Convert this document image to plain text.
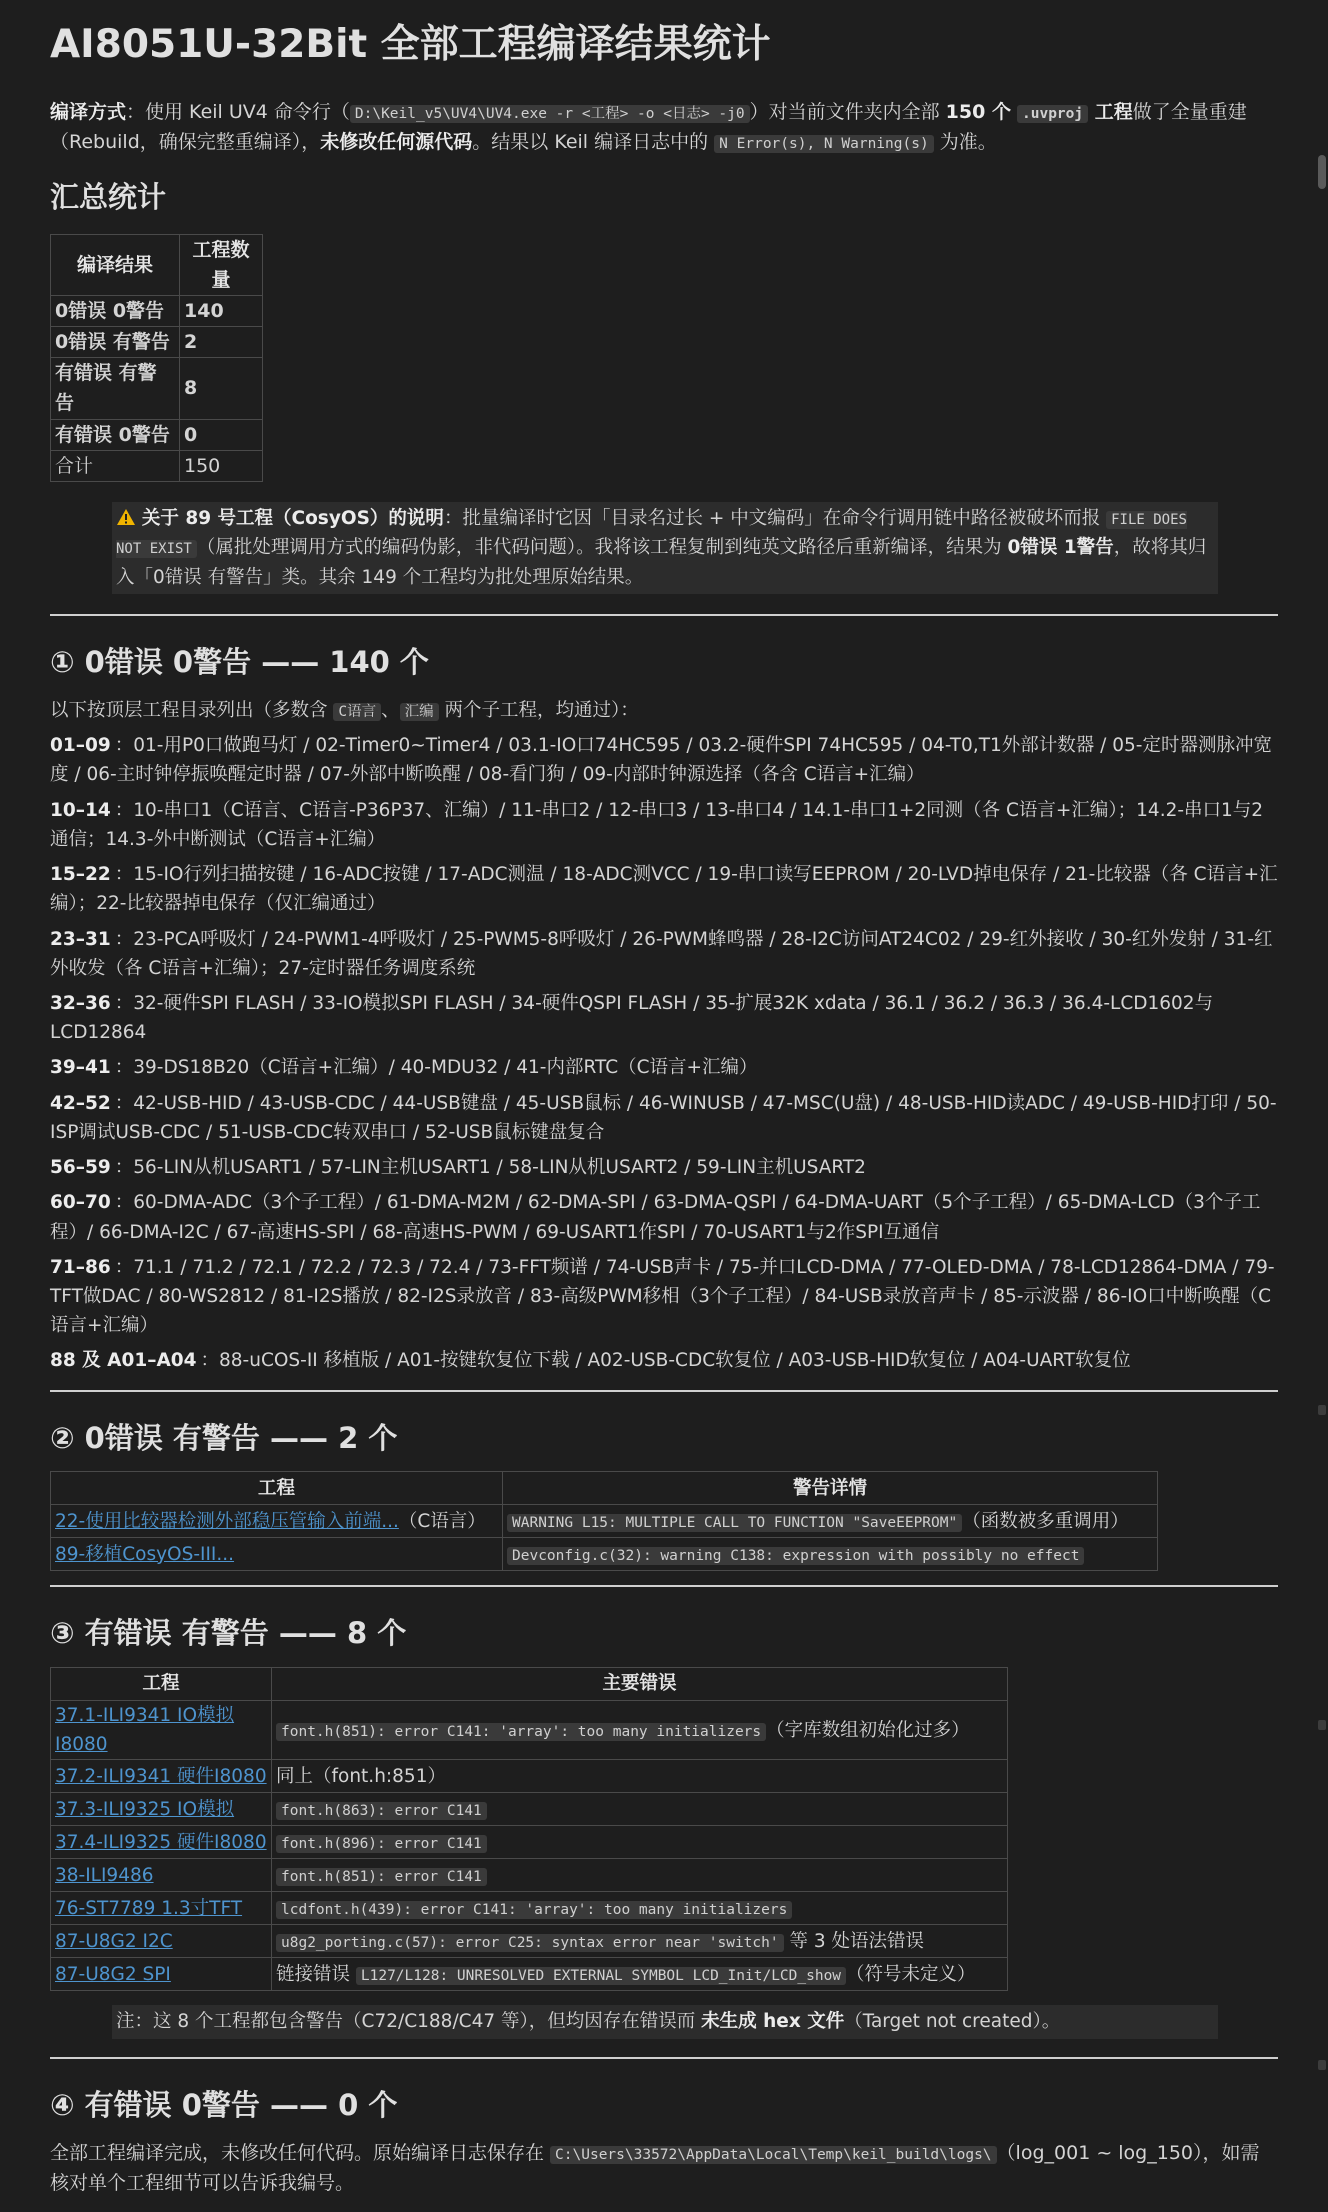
AI8051U-32Bit 全部工程编译结果统计

编译方式：使用 Keil UV4 命令行（ D:\Keil_v5\UV4\UV4.exe -r <工程> -o <日志> -j0 ）对当前文件夹内全部 150 个 .uvproj 工程做了全量重建（Rebuild，确保完整重编译），未修改任何源代码。结果以 Keil 编译日志中的 N Error(s), N Warning(s) 为准。

汇总统计
编译结果	工程数量
0错误 0警告	140
0错误 有警告	2
有错误 有警告	8
有错误 0警告	0
合计	150
关于 89 号工程（CosyOS）的说明：批量编译时它因「目录名过长 + 中文编码」在命令行调用链中路径被破坏而报 FILE DOES NOT EXIST （属批处理调用方式的编码伪影，非代码问题）。我将该工程复制到纯英文路径后重新编译，结果为 0错误 1警告，故将其归入「0错误 有警告」类。其余 149 个工程均为批处理原始结果。
① 0错误 0警告 —— 140 个

以下按顶层工程目录列出（多数含 C语言 、 汇编 两个子工程，均通过）：

01–09 ：01-用P0口做跑马灯 / 02-Timer0~Timer4 / 03.1-IO口74HC595 / 03.2-硬件SPI 74HC595 / 04-T0,T1外部计数器 / 05-定时器测脉冲宽度 / 06-主时钟停振唤醒定时器 / 07-外部中断唤醒 / 08-看门狗 / 09-内部时钟源选择（各含 C语言+汇编）

10–14 ：10-串口1（C语言、C语言-P36P37、汇编）/ 11-串口2 / 12-串口3 / 13-串口4 / 14.1-串口1+2同测（各 C语言+汇编）；14.2-串口1与2通信；14.3-外中断测试（C语言+汇编）

15–22 ：15-IO行列扫描按键 / 16-ADC按键 / 17-ADC测温 / 18-ADC测VCC / 19-串口读写EEPROM / 20-LVD掉电保存 / 21-比较器（各 C语言+汇编）；22-比较器掉电保存（仅汇编通过）

23–31 ：23-PCA呼吸灯 / 24-PWM1-4呼吸灯 / 25-PWM5-8呼吸灯 / 26-PWM蜂鸣器 / 28-I2C访问AT24C02 / 29-红外接收 / 30-红外发射 / 31-红外收发（各 C语言+汇编）；27-定时器任务调度系统

32–36 ：32-硬件SPI FLASH / 33-IO模拟SPI FLASH / 34-硬件QSPI FLASH / 35-扩展32K xdata / 36.1 / 36.2 / 36.3 / 36.4-LCD1602与LCD12864

39–41 ：39-DS18B20（C语言+汇编）/ 40-MDU32 / 41-内部RTC（C语言+汇编）

42–52 ：42-USB-HID / 43-USB-CDC / 44-USB键盘 / 45-USB鼠标 / 46-WINUSB / 47-MSC(U盘) / 48-USB-HID读ADC / 49-USB-HID打印 / 50-ISP调试USB-CDC / 51-USB-CDC转双串口 / 52-USB鼠标键盘复合

56–59 ：56-LIN从机USART1 / 57-LIN主机USART1 / 58-LIN从机USART2 / 59-LIN主机USART2

60–70 ：60-DMA-ADC（3个子工程）/ 61-DMA-M2M / 62-DMA-SPI / 63-DMA-QSPI / 64-DMA-UART（5个子工程）/ 65-DMA-LCD（3个子工程）/ 66-DMA-I2C / 67-高速HS-SPI / 68-高速HS-PWM / 69-USART1作SPI / 70-USART1与2作SPI互通信

71–86 ：71.1 / 71.2 / 72.1 / 72.2 / 72.3 / 72.4 / 73-FFT频谱 / 74-USB声卡 / 75-并口LCD-DMA / 77-OLED-DMA / 78-LCD12864-DMA / 79-TFT做DAC / 80-WS2812 / 81-I2S播放 / 82-I2S录放音 / 83-高级PWM移相（3个子工程）/ 84-USB录放音声卡 / 85-示波器 / 86-IO口中断唤醒（C语言+汇编）

88 及 A01–A04 ：88-uCOS-II 移植版 / A01-按键软复位下载 / A02-USB-CDC软复位 / A03-USB-HID软复位 / A04-UART软复位

② 0错误 有警告 —— 2 个
工程	警告详情
22-使用比较器检测外部稳压管输入前端...（C语言）	WARNING L15: MULTIPLE CALL TO FUNCTION "SaveEEPROM" （函数被多重调用）
89-移植CosyOS-III...	Devconfig.c(32): warning C138: expression with possibly no effect
③ 有错误 有警告 —— 8 个
工程	主要错误
37.1-ILI9341 IO模拟I8080	font.h(851): error C141: 'array': too many initializers （字库数组初始化过多）
37.2-ILI9341 硬件I8080	同上（font.h:851）
37.3-ILI9325 IO模拟	font.h(863): error C141
37.4-ILI9325 硬件I8080	font.h(896): error C141
38-ILI9486	font.h(851): error C141
76-ST7789 1.3寸TFT	lcdfont.h(439): error C141: 'array': too many initializers
87-U8G2 I2C	u8g2_porting.c(57): error C25: syntax error near 'switch' 等 3 处语法错误
87-U8G2 SPI	链接错误 L127/L128: UNRESOLVED EXTERNAL SYMBOL LCD_Init/LCD_show （符号未定义）
注：这 8 个工程都包含警告（C72/C188/C47 等），但均因存在错误而 未生成 hex 文件（Target not created）。
④ 有错误 0警告 —— 0 个

全部工程编译完成，未修改任何代码。原始编译日志保存在 C:\Users\33572\AppData\Local\Temp\keil_build\logs\ （log_001 ~ log_150），如需核对单个工程细节可以告诉我编号。
